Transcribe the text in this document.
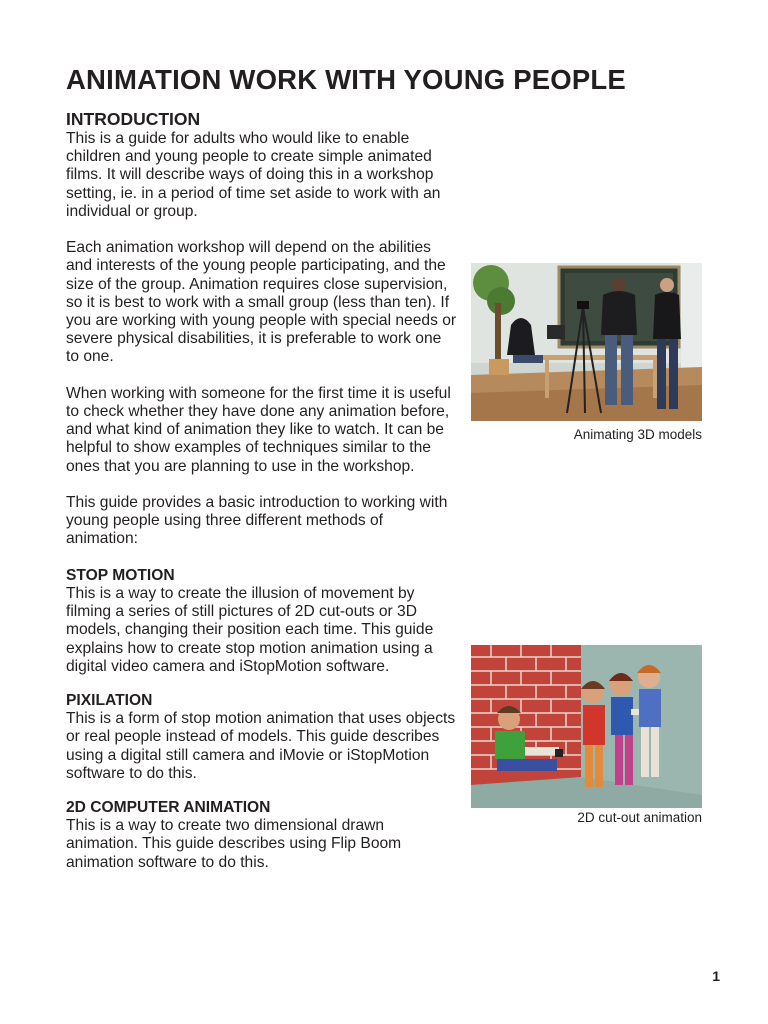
ANIMATION WORK WITH YOUNG PEOPLE
INTRODUCTION

This is a guide for adults who would like to enable children and young people to create simple animated films. It will describe ways of doing this in a workshop setting, ie. in a period of time set aside to work with an individual or group.

Each animation workshop will depend on the abilities and interests of the young people participating, and the size of the group. Animation requires close supervision, so it is best to work with a small group (less than ten). If you are working with young people with special needs or severe physical disabilities, it is preferable to work one to one.

When working with someone for the first time it is useful to check whether they have done any animation before, and what kind of animation they like to watch. It can be helpful to show examples of techniques similar to the ones that you are planning to use in the workshop.

This guide provides a basic introduction to working with young people using three different methods of animation:

STOP MOTION

This is a way to create the illusion of movement by filming a series of still pictures of 2D cut-outs or 3D models, changing their position each time. This guide explains how to create stop motion animation using a digital video camera and iStopMotion software.

PIXILATION

This is a form of stop motion animation that uses objects or real people instead of models. This guide describes using a digital still camera and iMovie or iStopMotion software to do this.

2D COMPUTER ANIMATION

This is a way to create two dimensional drawn animation. This guide describes using Flip Boom animation software to do this.

Animating 3D models
2D cut-out animation
1
